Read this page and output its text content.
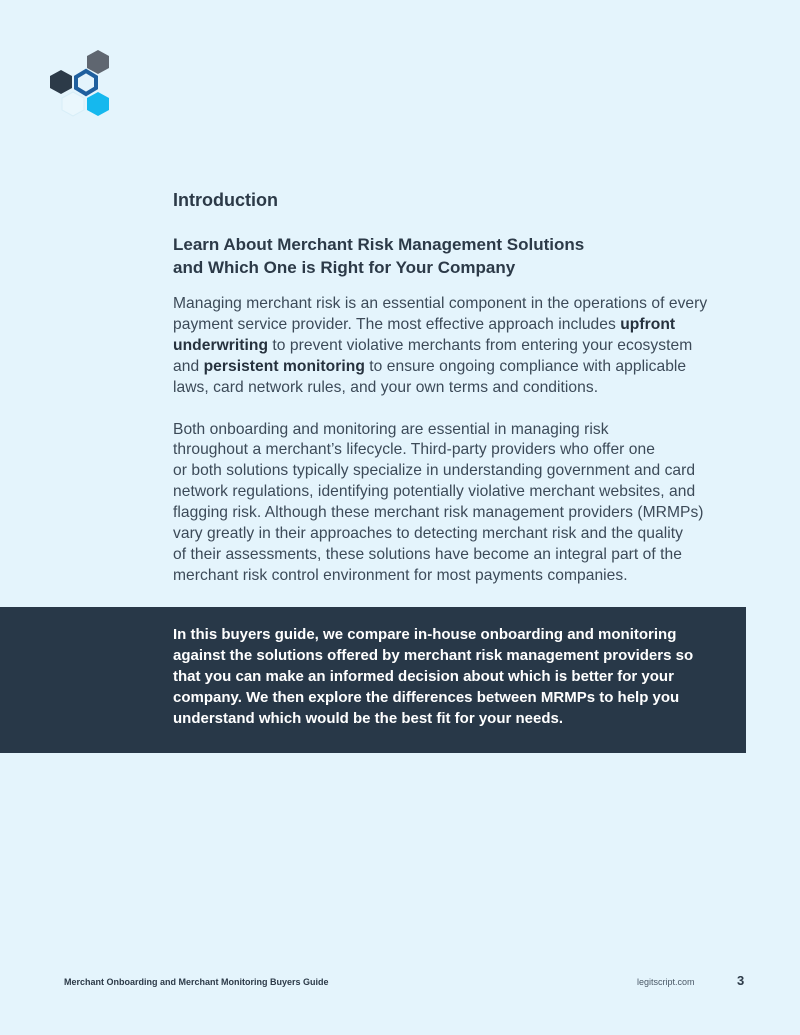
Introduction
Learn About Merchant Risk Management Solutions
and Which One is Right for Your Company

Managing merchant risk is an essential component in the operations of every
payment service provider. The most effective approach includes upfront
underwriting to prevent violative merchants from entering your ecosystem
and persistent monitoring to ensure ongoing compliance with applicable
laws, card network rules, and your own terms and conditions.

Both onboarding and monitoring are essential in managing risk
throughout a merchant’s lifecycle. Third-party providers who offer one
or both solutions typically specialize in understanding government and card
network regulations, identifying potentially violative merchant websites, and
flagging risk. Although these merchant risk management providers (MRMPs)
vary greatly in their approaches to detecting merchant risk and the quality
of their assessments, these solutions have become an integral part of the
merchant risk control environment for most payments companies.

In this buyers guide, we compare in-house onboarding and monitoring
against the solutions offered by merchant risk management providers so
that you can make an informed decision about which is better for your
company. We then explore the differences between MRMPs to help you
understand which would be the best fit for your needs.
Merchant Onboarding and Merchant Monitoring Buyers Guide	legitscript.com	3
